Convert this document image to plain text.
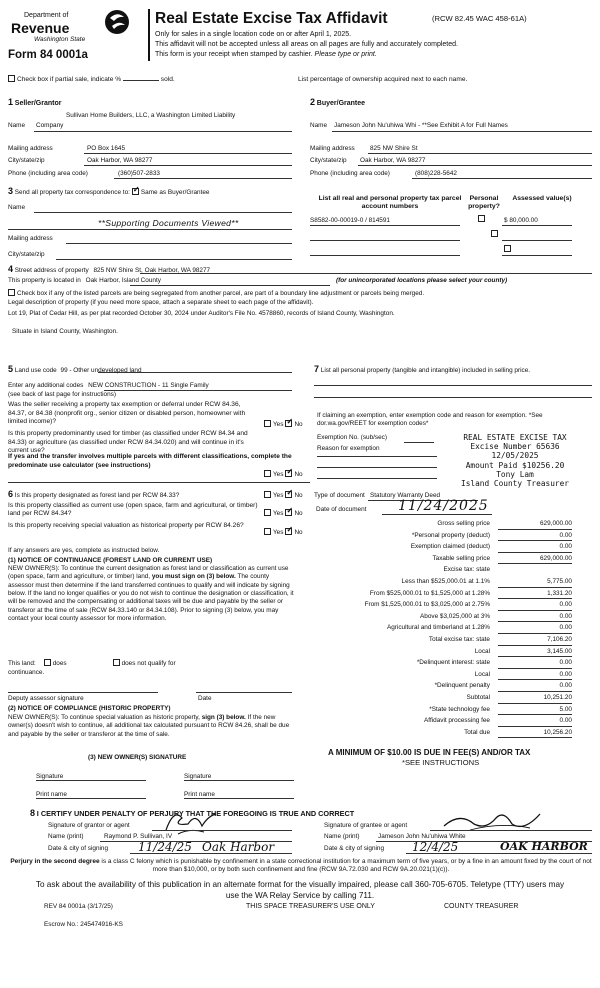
Department of
Revenue
Washington State
Form 84 0001a
Real Estate Excise Tax Affidavit	(RCW 82.45 WAC 458-61A)
Only for sales in a single location code on or after April 1, 2025.
This affidavit will not be accepted unless all areas on all pages are fully and accurately completed.
This form is your receipt when stamped by cashier. Please type or print.
Check box if partial sale, indicate %	sold.	List percentage of ownership acquired next to each name.
1 Seller/Grantor
Sullivan Home Builders, LLC, a Washington Limited Liability
Name Company
Mailing address	PO Box 1645
City/state/zip	Oak Harbor, WA 98277
Phone (including area code)	(360)507-2833
2 Buyer/Grantee
Name Jameson John Nu'uhiwa Whi - **See Exhibit A for Full Names
Mailing address 825 NW Shire St
City/state/zip Oak Harbor, WA 98277
Phone (including area code)	(808)228-5642
3 Send all property tax correspondence to: ✓ Same as Buyer/Grantee
Name
**Supporting Documents Viewed**
Mailing address
City/state/zip
List all real and personal property tax parcel account numbers
Personal property?
Assessed value(s)
S8582-00-00019-0 / 814591
	$ 80,000.00

4 Street address of property 825 NW Shire St, Oak Harbor, WA 98277
This property is located in Oak Harbor, Island County	(for unincorporated locations please select your county)
Check box if any of the listed parcels are being segregated from another parcel, are part of a boundary line adjustment or parcels being merged.
Legal description of property (if you need more space, attach a separate sheet to each page of the affidavit).
Lot 19, Plat of Cedar Hill, as per plat recorded October 30, 2024 under Auditor's File No. 4578860, records of Island County, Washington.
Situate in Island County, Washington.
5 Land use code 99 - Other undeveloped land
Enter any additional codes NEW CONSTRUCTION - 11 Single Family
(see back of last page for instructions)
Was the seller receiving a property tax exemption or deferral under RCW 84.36, 84.37, or 84.38 (nonprofit org., senior citizen or disabled person, homeowner with limited income)?	Yes ✓ No
Is this property predominantly used for timber (as classified under RCW 84.34 and 84.33) or agriculture (as classified under RCW 84.34.020) and will continue in it's current use?
If yes and the transfer involves multiple parcels with different classifications, complete the predominate use calculator (see instructions)
Yes ✓ No
6 Is this property designated as forest land per RCW 84.33?	Yes ✓ No
Is this property classified as current use (open space, farm and agricultural, or timber) land per RCW 84.34?	Yes ✓ No
Is this property receiving special valuation as historical property per RCW 84.26?
Yes ✓ No
If any answers are yes, complete as instructed below.
(1) NOTICE OF CONTINUANCE (FOREST LAND OR CURRENT USE)
NEW OWNER(S): To continue the current designation as forest land or classification as current use (open space, farm and agriculture, or timber) land, you must sign on (3) below. The county assessor must then determine if the land transferred continues to qualify and will indicate by signing below. If the land no longer qualifies or you do not wish to continue the designation or classification, it will be removed and the compensating or additional taxes will be due and payable by the seller or transferor at the time of sale (RCW 84.33.140 or 84.34.108). Prior to signing (3) below, you may contact your local county assessor for more information.
This land:	does	does not qualify for
continuance.
Deputy assessor signature	Date
(2) NOTICE OF COMPLIANCE (HISTORIC PROPERTY)
NEW OWNER(S): To continue special valuation as historic property, sign (3) below. If the new owner(s) doesn't wish to continue, all additional tax calculated pursuant to RCW 84.26, shall be due and payable by the seller or transferor at the time of sale.
(3) NEW OWNER(S) SIGNATURE
Signature	Signature
Print name	Print name
7 List all personal property (tangible and intangible) included in selling price.
If claiming an exemption, enter exemption code and reason for exemption. *See dor.wa.gov/REET for exemption codes*
Exemption No. (sub/sec)
Reason for exemption
REAL ESTATE EXCISE TAX
Excise Number 65636
12/05/2025
Amount Paid $10256.20
Tony Lam
Island County Treasurer
Type of document Statutory Warranty Deed
Date of document 11/24/2025
Gross selling price	629,000.00
*Personal property (deduct)	0.00
Exemption claimed (deduct)	0.00
Taxable selling price	629,000.00
Excise tax: state
Less than $525,000.01 at 1.1%	5,775.00
From $525,000.01 to $1,525,000 at 1.28%	1,331.20
From $1,525,000.01 to $3,025,000 at 2.75%	0.00
Above $3,025,000 at 3%	0.00
Agricultural and timberland at 1.28%	0.00
Total excise tax: state	7,106.20
Local	3,145.00
*Delinquent interest: state	0.00
Local	0.00
*Delinquent penalty	0.00
Subtotal	10,251.20
*State technology fee	5.00
Affidavit processing fee	0.00
Total due	10,256.20
A MINIMUM OF $10.00 IS DUE IN FEE(S) AND/OR TAX
*SEE INSTRUCTIONS
8 I CERTIFY UNDER PENALTY OF PERJURY THAT THE FOREGOING IS TRUE AND CORRECT
Signature of grantor or agent
Name (print)	Raymond P. Sullivan, IV
Date & city of signing 11/24/25 Oak Harbor
Signature of grantee or agent
Name (print)	Jameson John Nu'uhiwa White
Date & city of signing 12/4/25	OAK HARBOR
Perjury in the second degree is a class C felony which is punishable by confinement in a state correctional institution for a maximum term of five years, or by a fine in an amount fixed by the court of not more than $10,000, or by both such confinement and fine (RCW 9A.72.030 and RCW 9A.20.021(1)(c)).
To ask about the availability of this publication in an alternate format for the visually impaired, please call 360-705-6705. Teletype (TTY) users may use the WA Relay Service by calling 711.
REV 84 0001a (3/17/25)	THIS SPACE TREASURER'S USE ONLY	COUNTY TREASURER
Escrow No.: 245474916-KS
